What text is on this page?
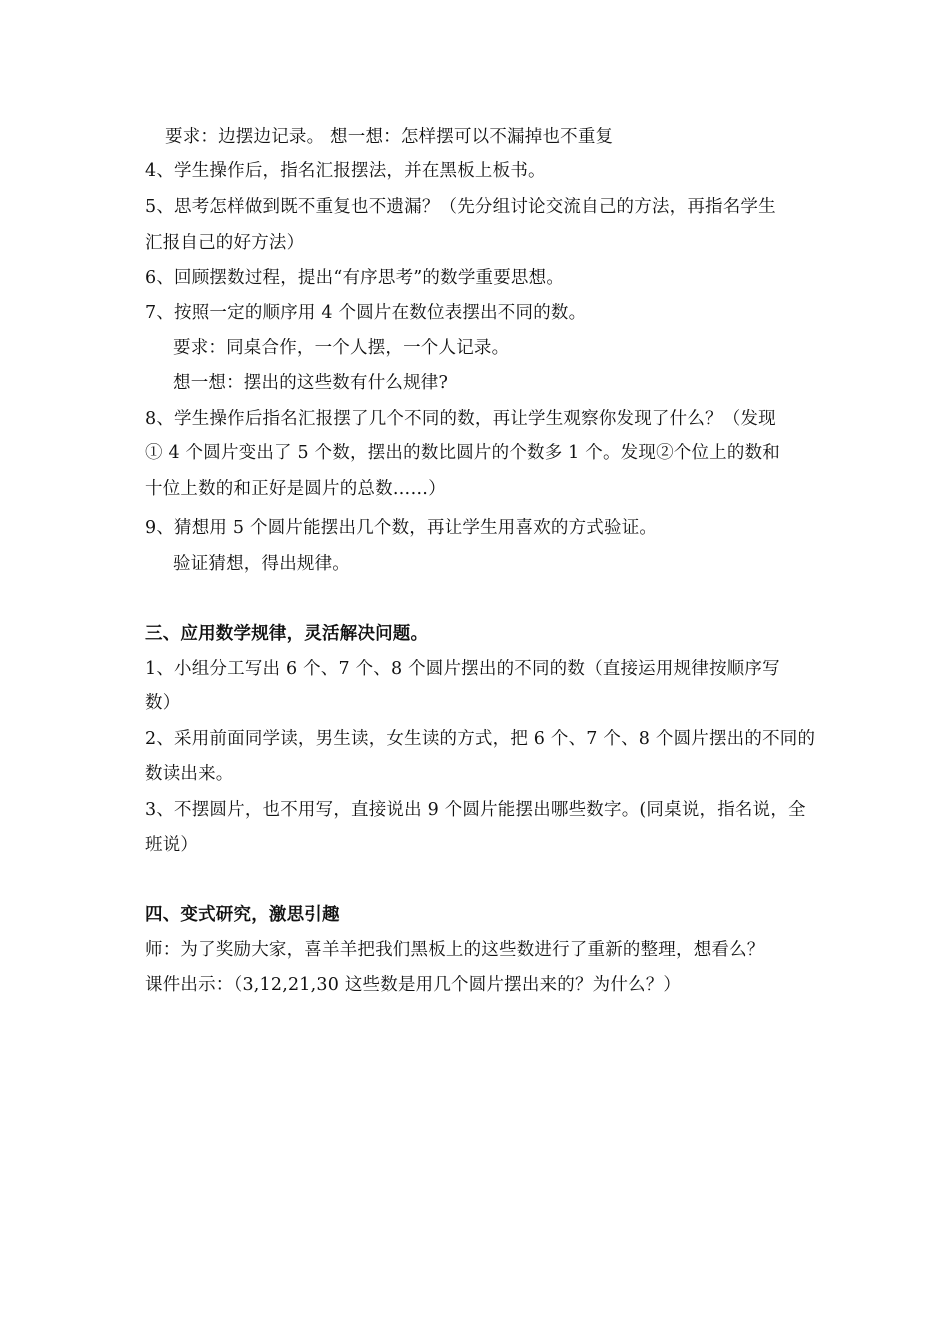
要求：边摆边记录。 想一想：怎样摆可以不漏掉也不重复
4、学生操作后，指名汇报摆法，并在黑板上板书。
5、思考怎样做到既不重复也不遗漏？（先分组讨论交流自己的方法，再指名学生
汇报自己的好方法）
6、回顾摆数过程，提出“有序思考”的数学重要思想。
7、按照一定的顺序用 4 个圆片在数位表摆出不同的数。
要求：同桌合作，一个人摆，一个人记录。
想一想：摆出的这些数有什么规律?
8、学生操作后指名汇报摆了几个不同的数，再让学生观察你发现了什么？（发现
① 4 个圆片变出了 5 个数，摆出的数比圆片的个数多 1 个。发现②个位上的数和
十位上数的和正好是圆片的总数……）
9、猜想用 5 个圆片能摆出几个数，再让学生用喜欢的方式验证。
验证猜想，得出规律。
三、应用数学规律，灵活解决问题。
1、小组分工写出 6 个、7 个、8 个圆片摆出的不同的数（直接运用规律按顺序写
数）
2、采用前面同学读，男生读，女生读的方式，把 6 个、7 个、8 个圆片摆出的不同的
数读出来。
3、不摆圆片，也不用写，直接说出 9 个圆片能摆出哪些数字。(同桌说，指名说，全
班说）
四、变式研究，激思引趣
师：为了奖励大家，喜羊羊把我们黑板上的这些数进行了重新的整理，想看么？
课件出示：（3,12,21,30 这些数是用几个圆片摆出来的？为什么？）
